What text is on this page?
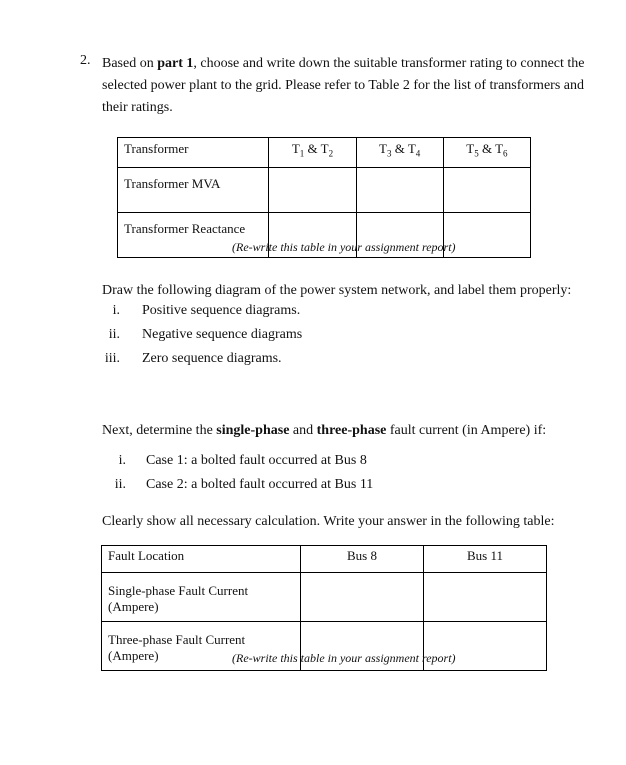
2. Based on part 1, choose and write down the suitable transformer rating to connect the selected power plant to the grid. Please refer to Table 2 for the list of transformers and their ratings.
Transformer	$T_1$ & $T_2$	$T_3$ & $T_4$	$T_5$ & $T_6$
Transformer MVA			
Transformer Reactance			
(Re-write this table in your assignment report)
Draw the following diagram of the power system network, and label them properly:
i. Positive sequence diagrams.
ii. Negative sequence diagrams
iii. Zero sequence diagrams.
Next, determine the single-phase and three-phase fault current (in Ampere) if:
i. Case 1: a bolted fault occurred at Bus 8
ii. Case 2: a bolted fault occurred at Bus 11
Clearly show all necessary calculation. Write your answer in the following table:
Fault Location	Bus 8	Bus 11
Single-phase Fault Current (Ampere)		
Three-phase Fault Current (Ampere)			(Re-write this table in your assignment report)
